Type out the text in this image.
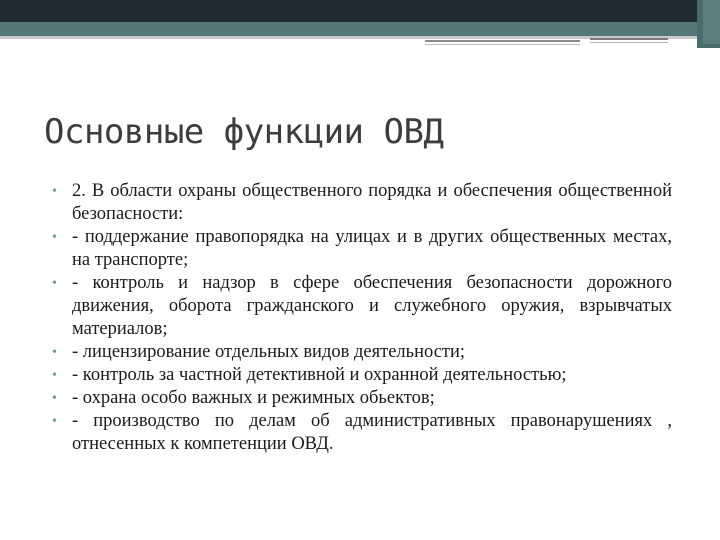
Основные функции ОВД
• 2. В области охраны общественного порядка и обеспечения общественной безопасности:
• - поддержание правопорядка на улицах и в других общественных местах, на транспорте;
• - контроль и надзор в сфере обеспечения безопасности дорожного движения, оборота гражданского и служебного оружия, взрывчатых материалов;
• - лицензирование отдельных видов деятельности;
• - контроль за частной детективной и охранной деятельностью;
• - охрана особо важных и режимных обьектов;
• - производство по делам об административных правонарушениях , отнесенных к компетенции ОВД.
